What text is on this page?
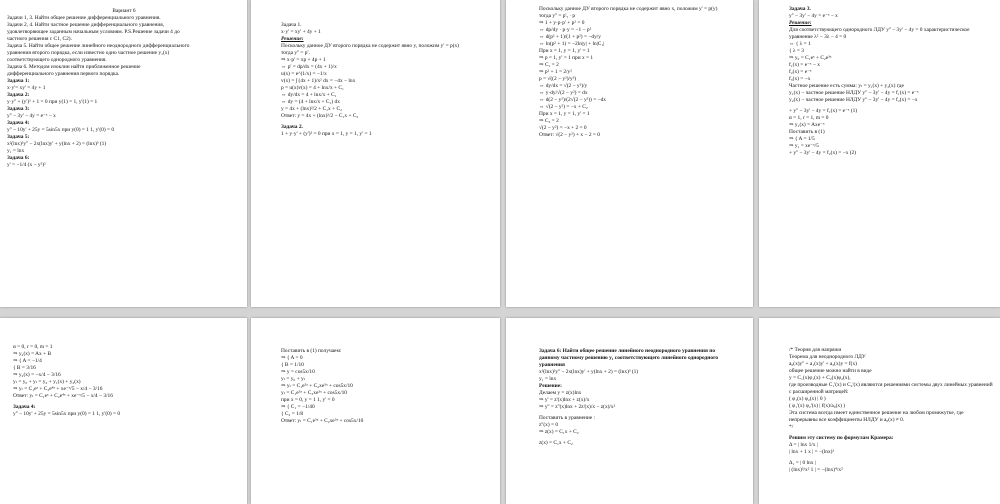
Вариант 6
Задачи 1, 3. Найти общее решение дифференциального уравнения.
Задачи 2, 4. Найти частное решение дифференциального уравнения,
удовлетворяющее заданным начальным условиям. P.S.Решение задачи 4 до
частного решения с C1, C2).
Задача 5. Найти общее решение линейного неоднородного дифференциального
уравнения второго порядка, если известно одно частное решение y₁(x)
соответствующего однородного уравнения.
Задача 6. Методом изоклин найти приближенное решение
дифференциального уравнения первого порядка.
Задача 1:
x·y'= xy' = 4y + 1
Задача 2:
y·y'' + (y')² + 1 = 0 при y(1) = 1, y'(1) = 1
Задача 3:
y'' − 3y' − 4y = e⁻ˣ − x
Задача 4:
y'' − 10y' + 25y = 5sin5x при y(0) = 1 1, y'(0) = 0
Задача 5:
x²(lnx)²y'' − 2x(lnx)y' + y(lnx + 2) = (lnx)³ (1)
y₁ = lnx
Задача 6:
y' = −1/4 (x − y²)²
Задача 1.
x·y' = xy' + 4y + 1
Решение:
Поскольку данное ДУ второго порядка не содержит явно y, положим y' = p(x)
тогда y'' = p'.
⇒ x·p' = xp + 4p + 1
⇔ p' = dp/dx = (4x + 1)/x
u(x) = e^(1/x) = −1/x
v(x) = ∫ (4x + 1)/x² dx = −4x − lnx
p = u(x)v(x) = 4 + lnx/x + C₁
⇔ dy/dx = 4 + lnx/x + C₁
⇔ dy = (4 + lnx/x + C₁) dx
y = 4x + (lnx)²/2 + C₁x + C₂
Ответ: y = 4x + (lnx)²/2 − C₁x + C₂
Задача 2.
1 + y·y' + (y')² = 0 при x = 1, y = 1, y' = 1
Поскольку данное ДУ второго порядка не содержит явно x, положим y' = p(y)
тогда y'' = p'ᵧ · p
⇒ 1 + y·p·p' + p² = 0
⇔ dp/dy · p·y = −1 − p²
⇔ d(p² + 1)/(1 + p²) = −dy/y
⇔ ln(p² + 1) = −2ln|y| + ln|C₁|
При x = 1, y = 1, y' = 1
⇒ p = 1, y' = 1 при x = 1
⇒ C₁ = 2
⇒ p² + 1 = 2/y²
p = √((2 − y²)/y²)
⇔ dy/dx = √(2 − y²)/y
⇔ y·dy/√(2 − y²) = dx
⇔ d(2 − y²)/(2√(2 − y²)) = −dx
⇔ √(2 − y²) = −x + C₂
При x = 1, y = 1, y' = 1
⇒ C₂ = 2
√(2 − y²) = −x + 2 = 0
Ответ: √(2 − y²) + x − 2 = 0
Задача 3.
y'' − 3y' − 4y = e⁻ˣ − x
Решение:
Для соответствующего однородного ЛДУ y'' − 3y' − 4y = 0 характеристическое
уравнение λ² − 3λ − 4 = 0
⇔ { λ = 1
{ λ = 3
⇒ y₀ = C₁eˣ + C₂e³ˣ
f₁(x) = e⁻ˣ − x
f₂(x) = e⁻ˣ
f₃(x) = −x
Частное решение есть сумма: yₗ = y₁(x) + y₂(x) где
y₁(x) − частное решение НЛДУ y'' − 3y' − 4y = f₁(x) = e⁻ˣ
y₂(x) − частное решение НЛДУ y'' − 3y' − 4y = f₂(x) = −x
+ y'' − 3y' − 4y = f₁(x) = e⁻ˣ (1)
α = 1, r = 1, m = 0
⇒ y₁(x) = Axe⁻ˣ
Поставить в (1)
⇒ { A = 1/5
⇒ y₁ = xe⁻ˣ/5
+ y'' − 3y' − 4y = f₂(x) = −x (2)
α = 0, r = 0, m = 1
⇒ y₂(x) = Ax + B
⇒ { A = −1/4
{ B = 3/16
⇒ y₂(x) = −x/4 − 3/16
yₗ = y₀ + yₗ = y₀ + y₁(x) + y₂(x)
⇒ yₗ = C₁eˣ + C₂e⁴ˣ + xe⁻ˣ/5 − x/4 − 3/16
Ответ: yₗ = C₁eˣ + C₂e⁴ˣ + xe⁻ˣ/5 − x/4 − 3/16
Задача 4:
y'' − 10y' + 25y = 5sin5x при y(0) = 1 1, y'(0) = 0
Поставить в (1) получаем:
⇒ { A = 0
{ B = 1/10
⇒ y = cos5x/10
yₗ = y₀ + yₗ
⇒ yₗ = C₁e⁵ˣ + C₂xe⁵ˣ + cos5x/10
yₗ = C₁e⁵ˣ + C₂xe⁵ˣ + cos5x/10
при x = 0, y = 1 1, y' = 0
⇒ { C₁ = −1/40
{ C₂ = 1/8
Ответ: yₗ = C₁e⁵ˣ + C₂xe⁵ˣ + cos5x/10
Задача 6: Найти общее решение линейного неоднородного уравнения по
данному частному решению y₁ соответствующего линейного однородного
уравнения
x²(lnx)²y'' − 2x(lnx)y' + y(lnx + 2) = (lnx)³ (1)
y₁ = lnx
Решение:
Делаем y = z(x)lnx
⇒ y' = z'(x)lnx + z(x)/x
⇒ y'' = z''(x)lnx + 2z'(x)/x − z(x)/x²
Поставить в уравнение :
z''(x) = 0
⇒ z(x) = C₁x + C₂
z(x) = C₁x + C₂
/* Теория для напряжи
Теорема для неоднородного ЛДУ
a₀(x)y'' + a₁(x)y' + a₂(x)y = f(x)
общее решение можно найти в виде
y = C₁(x)φ₁(x) + C₂(x)φ₂(x),
где производные C₁'(x) и C₂'(x) являются решениями системы двух линейных уравнений
с расширенной матрицей:
( φ₁(x) φ₂(x) | 0 )
( φ₁'(x) φ₂'(x) | f(x)/a₀(x) )
Эта система всегда имеет единственное решение на любом промежутке, где
непрерывны все коэффициенты НЛДУ и a₀(x) ≠ 0.
*/
Решим эту систему по формулам Крамера:
Δ = | lnx 1/x |
| lnx + 1 x | = −(lnx)²
Δ₁ = | 0 lnx |
| (lnx)³/x² 1 | = −(lnx)⁴/x²
